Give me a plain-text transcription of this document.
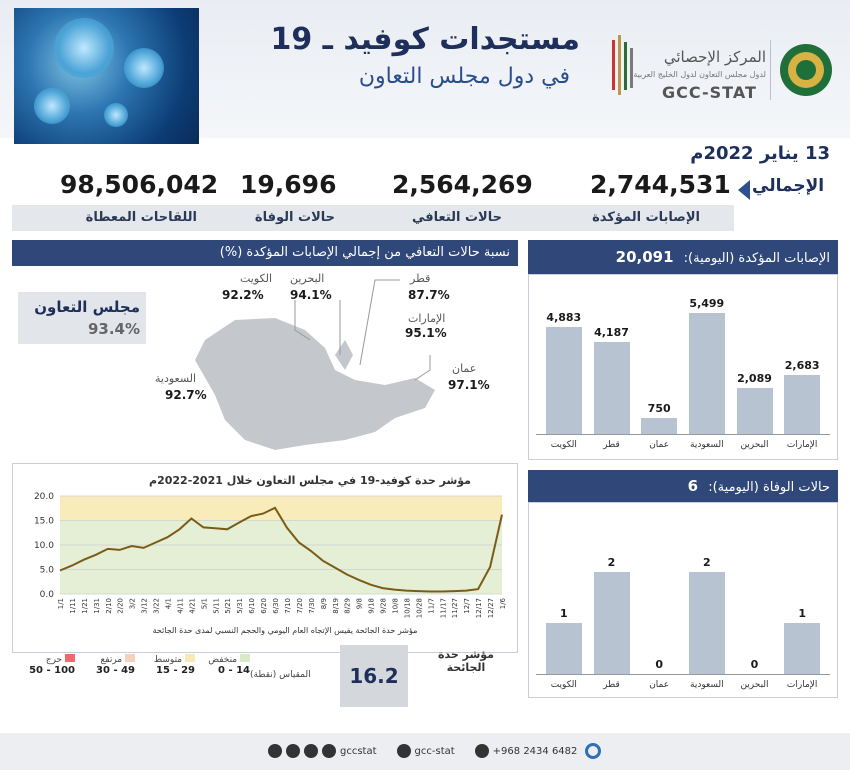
مستجدات كوفيد ـ 19
في دول مجلس التعاون
المركز الإحصائي
لدول مجلس التعاون لدول الخليج العربية
GCC-STAT
13 يناير 2022م
الإجمالي
2,744,531
الإصابات المؤكدة
2,564,269
حالات التعافي
19,696
حالات الوفاة
98,506,042
اللقاحات المعطاة
نسبة حالات التعافي من إجمالي الإصابات المؤكدة (%)
مجلس التعاون
93.4%
الكويت
92.2%
البحرين
94.1%
قطر
87.7%
الإمارات
95.1%
عمان
97.1%
السعودية
92.7%
الإصابات المؤكدة (اليومية): 20,091
4,883
الكويت
4,187
قطر
750
عمان
5,499
السعودية
2,089
البحرين
2,683
الإمارات
حالات الوفاة (اليومية): 6
1
الكويت
2
قطر
0
عمان
2
السعودية
0
البحرين
1
الإمارات
مؤشر حدة كوفيد-19 في مجلس التعاون خلال 2021-2022م
0.0
5.0
10.0
15.0
20.0
1/1 1/11 1/21 1/31 2/10 2/20 3/2 3/12 3/22 4/1 4/11 4/21 5/1 5/11 5/21 5/31 6/10 6/20 6/30 7/10 7/20 7/30 8/9 8/19 8/29 9/8 9/18 9/28 10/8 10/18 10/28 11/7 11/17 11/27 12/7 12/17 12/27 1/6
مؤشر حدة الجائحة يقيس الإتجاه العام اليومي والحجم النسبي لمدى حدة الجائحة
مؤشر حدة الجائحة
16.2
المقياس (نقطة)
منخفض
0 - 14
متوسط
15 - 29
مرتفع
30 - 49
حرج
50 - 100
gccstat	gcc-stat	+968 2434 6482
